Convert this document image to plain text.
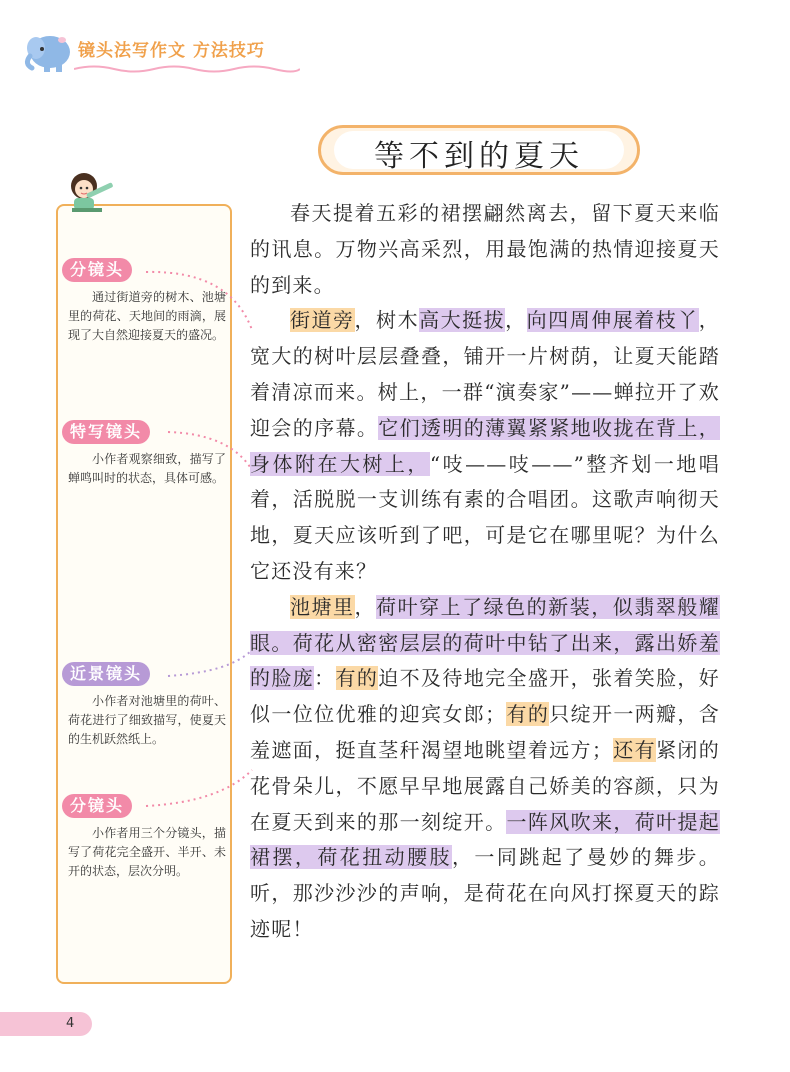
镜头法写作文 方法技巧
等不到的夏天
分镜头
通过街道旁的树木、池塘里的荷花、天地间的雨滴，展现了大自然迎接夏天的盛况。
特写镜头
小作者观察细致，描写了蝉鸣叫时的状态，具体可感。
近景镜头
小作者对池塘里的荷叶、荷花进行了细致描写，使夏天的生机跃然纸上。
分镜头
小作者用三个分镜头，描写了荷花完全盛开、半开、未开的状态，层次分明。

春天提着五彩的裙摆翩然离去，留下夏天来临的讯息。万物兴高采烈，用最饱满的热情迎接夏天的到来。

街道旁，树木高大挺拔，向四周伸展着枝丫，宽大的树叶层层叠叠，铺开一片树荫，让夏天能踏着清凉而来。树上，一群“演奏家”——蝉拉开了欢迎会的序幕。它们透明的薄翼紧紧地收拢在背上，身体附在大树上，“吱——吱——”整齐划一地唱着，活脱脱一支训练有素的合唱团。这歌声响彻天地，夏天应该听到了吧，可是它在哪里呢？为什么它还没有来？

池塘里，荷叶穿上了绿色的新装，似翡翠般耀眼。荷花从密密层层的荷叶中钻了出来，露出娇羞的脸庞：有的迫不及待地完全盛开，张着笑脸，好似一位位优雅的迎宾女郎；有的只绽开一两瓣，含羞遮面，挺直茎秆渴望地眺望着远方；还有紧闭的花骨朵儿，不愿早早地展露自己娇美的容颜，只为在夏天到来的那一刻绽开。一阵风吹来，荷叶提起裙摆，荷花扭动腰肢，一同跳起了曼妙的舞步。听，那沙沙沙的声响，是荷花在向风打探夏天的踪迹呢！

4
